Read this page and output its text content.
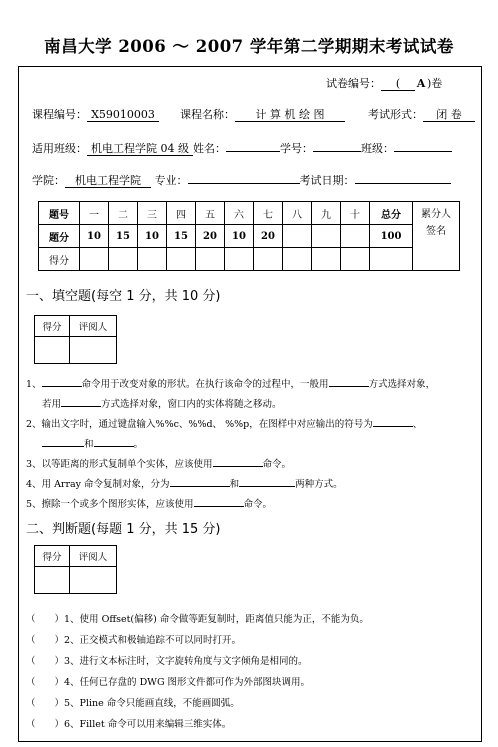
南昌大学 2006 ～ 2007 学年第二学期期末考试试卷
试卷编号： ( A )卷
课程编号： X59010003 课程名称： 计 算 机 绘 图	考试形式： 闭 卷
适用班级： 机电工程学院 04 级 姓名：	学号：	班级：
学院： 机电工程学院 专业：	考试日期：
题号	一	二	三	四	五	六	七	八	九	十	总分	累分人
签名
题分	10	15	10	15	20	10	20				100	
得分												
一、填空题(每空 1 分，共 10 分)
得分	评阅人

1、	命令用于改变对象的形状。在执行该命令的过程中，一般用	方式选择对象，
若用	方式选择对象，窗口内的实体将随之移动。
2、输出文字时，通过键盘输入%%c、%%d、 %%p，在图样中对应输出的符号为	、
和	。
3、以等距离的形式复制单个实体，应该使用	命令。
4、用 Array 命令复制对象，分为	和	两种方式。
5、擦除一个或多个图形实体，应该使用	命令。
二、判断题(每题 1 分，共 15 分)
得分	评阅人

（　　）1、使用 Offset(偏移) 命令做等距复制时，距离值只能为正，不能为负。
（　　）2、正交模式和极轴追踪不可以同时打开。
（　　）3、进行文本标注时，文字旋转角度与文字倾角是相同的。
（　　）4、任何已存盘的 DWG 图形文件都可作为外部图块调用。
（　　）5、Pline 命令只能画直线，不能画圆弧。
（　　）6、Fillet 命令可以用来编辑三维实体。
